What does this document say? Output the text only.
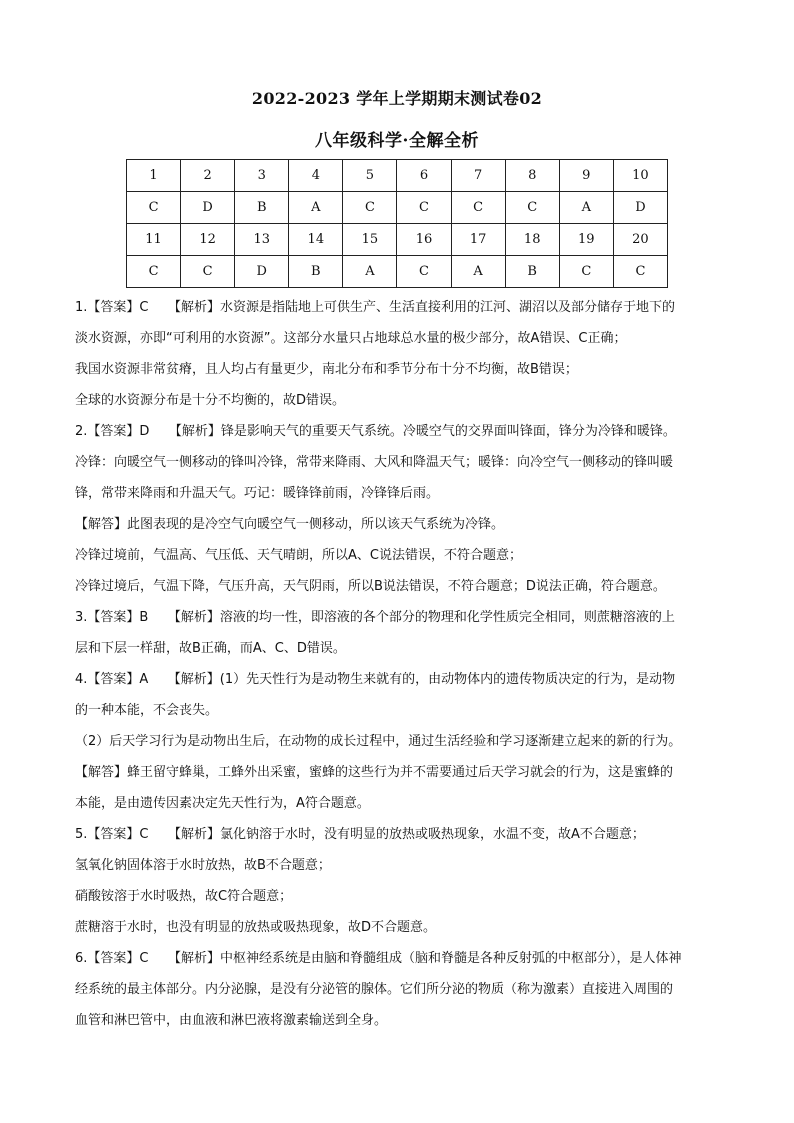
2022-2023 学年上学期期末测试卷02
八年级科学·全解全析
1	2	3	4	5	6	7	8	9	10
C	D	B	A	C	C	C	C	A	D
11	12	13	14	15	16	17	18	19	20
C	C	D	B	A	C	A	B	C	C

1.【答案】C　　【解析】水资源是指陆地上可供生产、生活直接利用的江河、湖沼以及部分储存于地下的

淡水资源，亦即“可利用的水资源”。这部分水量只占地球总水量的极少部分，故A错误、C正确；

我国水资源非常贫瘠，且人均占有量更少，南北分布和季节分布十分不均衡，故B错误；

全球的水资源分布是十分不均衡的，故D错误。

2.【答案】D　　【解析】锋是影响天气的重要天气系统。冷暖空气的交界面叫锋面，锋分为冷锋和暖锋。

冷锋：向暖空气一侧移动的锋叫冷锋，常带来降雨、大风和降温天气；暖锋：向冷空气一侧移动的锋叫暖

锋，常带来降雨和升温天气。巧记：暖锋锋前雨，冷锋锋后雨。

【解答】此图表现的是冷空气向暖空气一侧移动，所以该天气系统为冷锋。

冷锋过境前，气温高、气压低、天气晴朗，所以A、C说法错误，不符合题意；

冷锋过境后，气温下降，气压升高，天气阴雨，所以B说法错误，不符合题意；D说法正确，符合题意。

3.【答案】B　　【解析】溶液的均一性，即溶液的各个部分的物理和化学性质完全相同，则蔗糖溶液的上

层和下层一样甜，故B正确，而A、C、D错误。

4.【答案】A　　【解析】(1）先天性行为是动物生来就有的，由动物体内的遗传物质决定的行为，是动物

的一种本能，不会丧失。

（2）后天学习行为是动物出生后，在动物的成长过程中，通过生活经验和学习逐渐建立起来的新的行为。

【解答】蜂王留守蜂巢，工蜂外出采蜜，蜜蜂的这些行为并不需要通过后天学习就会的行为，这是蜜蜂的

本能，是由遗传因素决定先天性行为，A符合题意。

5.【答案】C　　【解析】氯化钠溶于水时，没有明显的放热或吸热现象，水温不变，故A不合题意；

氢氧化钠固体溶于水时放热，故B不合题意；

硝酸铵溶于水时吸热，故C符合题意；

蔗糖溶于水时，也没有明显的放热或吸热现象，故D不合题意。

6.【答案】C　　【解析】中枢神经系统是由脑和脊髓组成（脑和脊髓是各种反射弧的中枢部分），是人体神

经系统的最主体部分。内分泌腺，是没有分泌管的腺体。它们所分泌的物质（称为激素）直接进入周围的

血管和淋巴管中，由血液和淋巴液将激素输送到全身。
